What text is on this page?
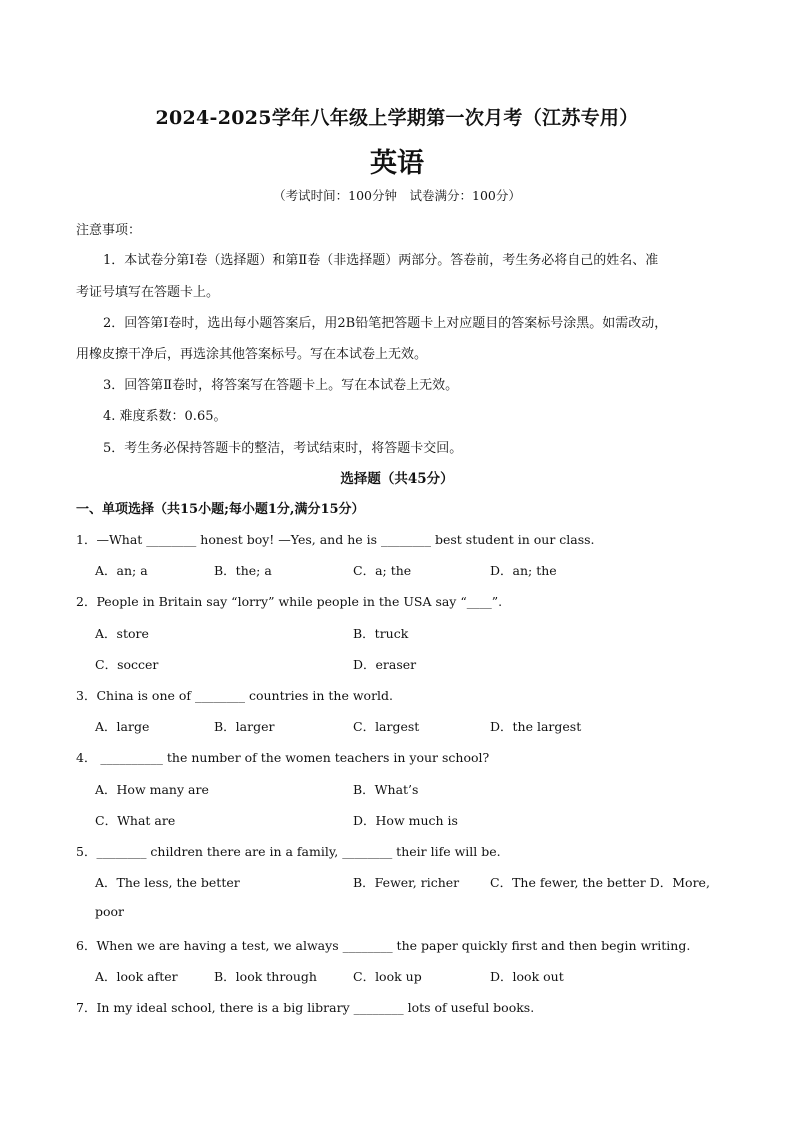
2024-2025学年八年级上学期第一次月考（江苏专用）
英语
（考试时间：100分钟　试卷满分：100分）
注意事项：
1．本试卷分第Ⅰ卷（选择题）和第Ⅱ卷（非选择题）两部分。答卷前，考生务必将自己的姓名、准
考证号填写在答题卡上。
2．回答第Ⅰ卷时，选出每小题答案后，用2B铅笔把答题卡上对应题目的答案标号涂黑。如需改动，
用橡皮擦干净后，再选涂其他答案标号。写在本试卷上无效。
3．回答第Ⅱ卷时，将答案写在答题卡上。写在本试卷上无效。
4. 难度系数：0.65。
5．考生务必保持答题卡的整洁，考试结束时，将答题卡交回。
选择题（共45分）
一、单项选择（共15小题;每小题1分,满分15分）
1．—What ________ honest boy! —Yes, and he is ________ best student in our class.
A．an; a	B．the; a	C．a; the	D．an; the
2．People in Britain say “lorry” while people in the USA say “____”.
A．store	B．truck
C．soccer	D．eraser
3．China is one of ________ countries in the world.
A．large	B．larger	C．largest	D．the largest
4． __________ the number of the women teachers in your school?
A．How many are	B．What’s
C．What are	D．How much is
5．________ children there are in a family, ________ their life will be.
A．The less, the better	B．Fewer, richer C．The fewer, the better D．More,
poor
6．When we are having a test, we always ________ the paper quickly first and then begin writing.
A．look after	B．look through	C．look up	D．look out
7．In my ideal school, there is a big library ________ lots of useful books.
